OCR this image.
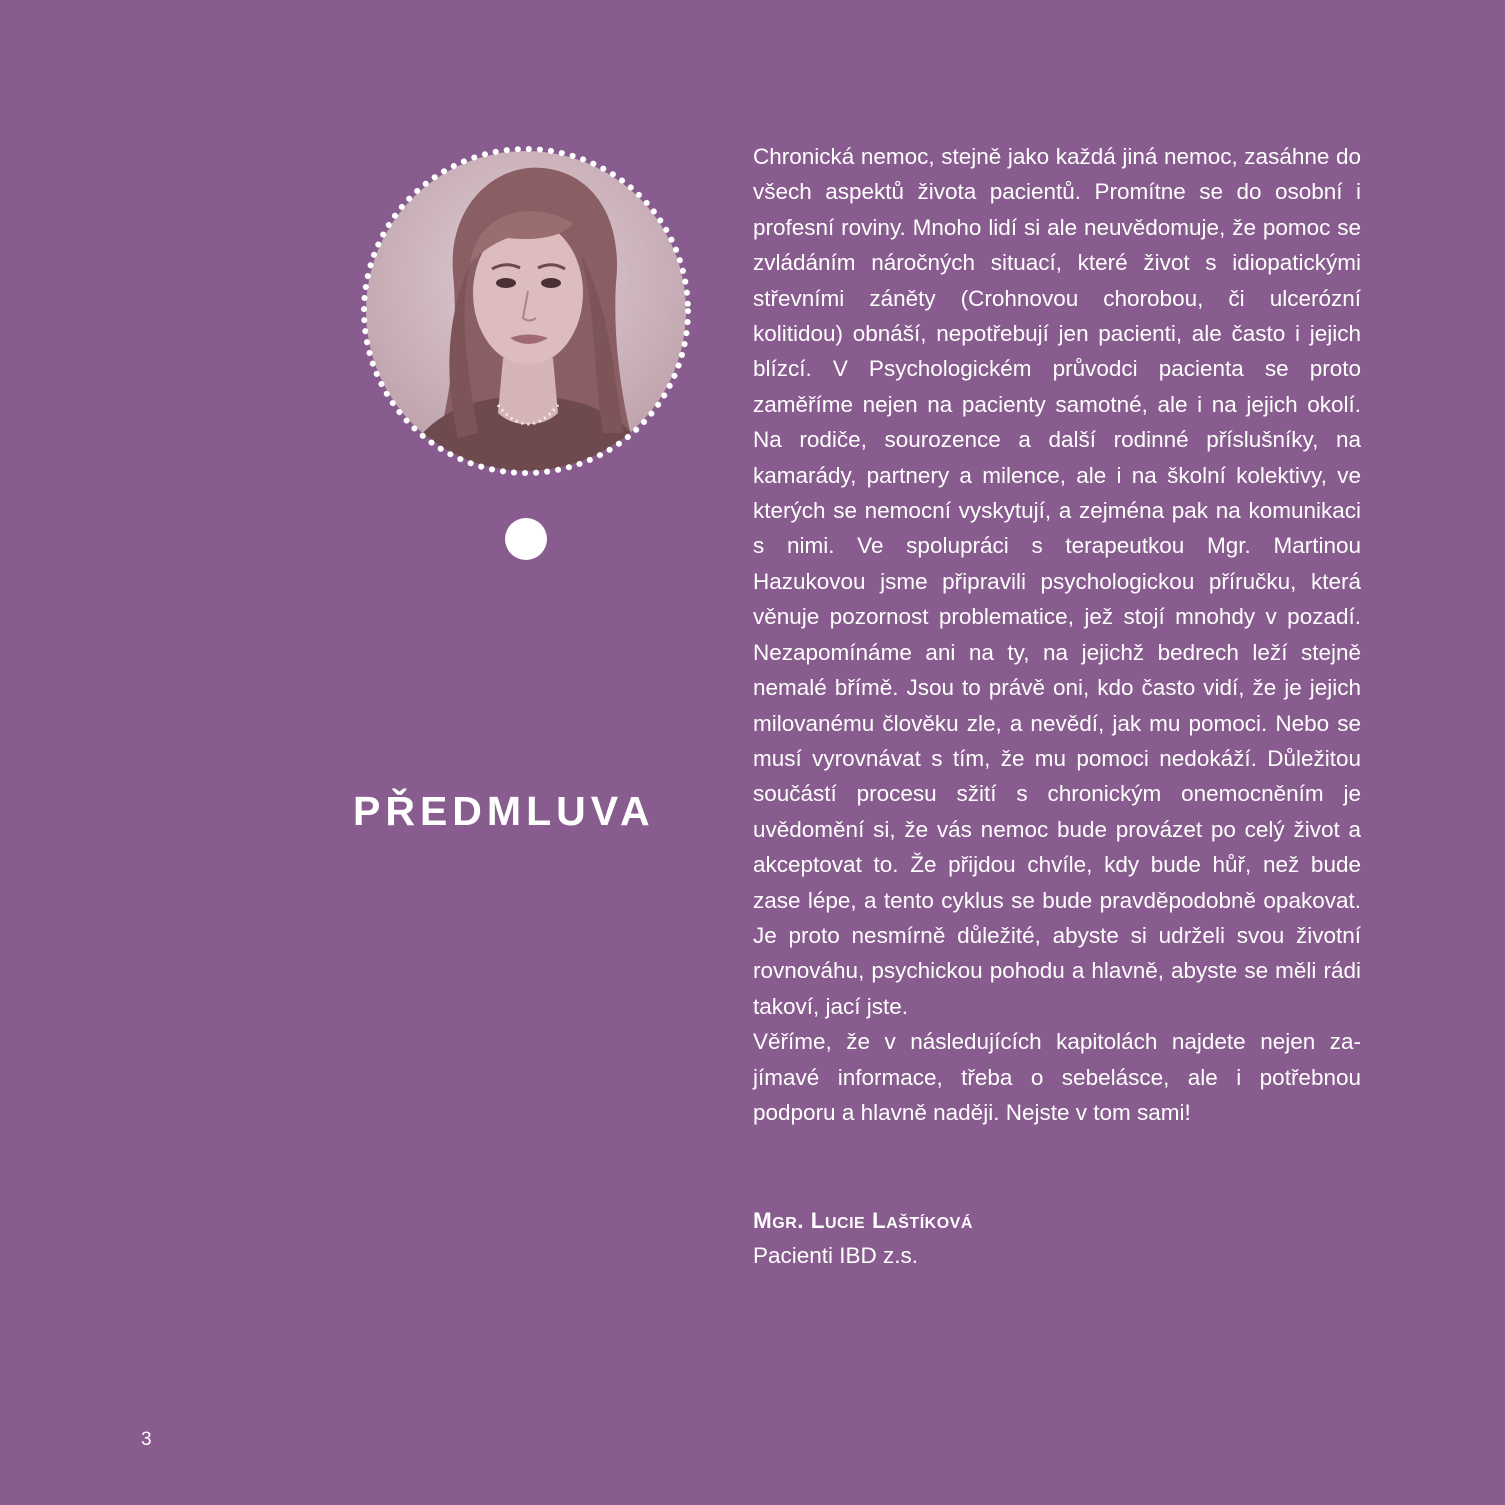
PŘEDMLUVA

Chronická nemoc, stejně jako každá jiná nemoc, zasáhne do všech aspektů života pacientů. Promítne se do osobní i profesní roviny. Mnoho lidí si ale neuvědomuje, že pomoc se zvládáním náročných situací, které život s idiopatickými střevními záněty (Crohnovou chorobou, či ulcerózní kolitidou) obnáší, nepotřebují jen pacienti, ale často i jejich blízcí. V Psychologickém průvodci pacienta se proto zaměříme nejen na pacienty samotné, ale i na jejich okolí. Na rodiče, sourozence a další rodinné příslušníky, na kamarády, partnery a milence, ale i na školní kolektivy, ve kterých se nemocní vyskytují, a zejména pak na komunikaci s nimi. Ve spolupráci s terapeutkou Mgr. Martinou Hazukovou jsme připravili psychologickou příručku, která věnuje pozornost problematice, jež stojí mnohdy v pozadí. Nezapomínáme ani na ty, na jejichž bedrech leží stejně nemalé břímě. Jsou to právě oni, kdo často vidí, že je jejich milovanému člověku zle, a nevědí, jak mu pomoci. Nebo se musí vyrovnávat s tím, že mu pomoci nedokáží. Důležitou součástí procesu sžití s chronickým onemocněním je uvědomění si, že vás nemoc bude provázet po celý život a akceptovat to. Že přijdou chvíle, kdy bude hůř, než bude zase lépe, a tento cyklus se bude pravděpodobně opakovat. Je proto nesmírně důležité, abyste si udrželi svou životní rovnováhu, psychickou pohodu a hlavně, abyste se měli rádi takoví, jací jste.

Věříme, že v následujících kapitolách najdete nejen zajímavé informace, třeba o sebelásce, ale i potřebnou podporu a hlavně naději. Nejste v tom sami!

Mgr. Lucie Laštíková
Pacienti IBD z.s.
3
